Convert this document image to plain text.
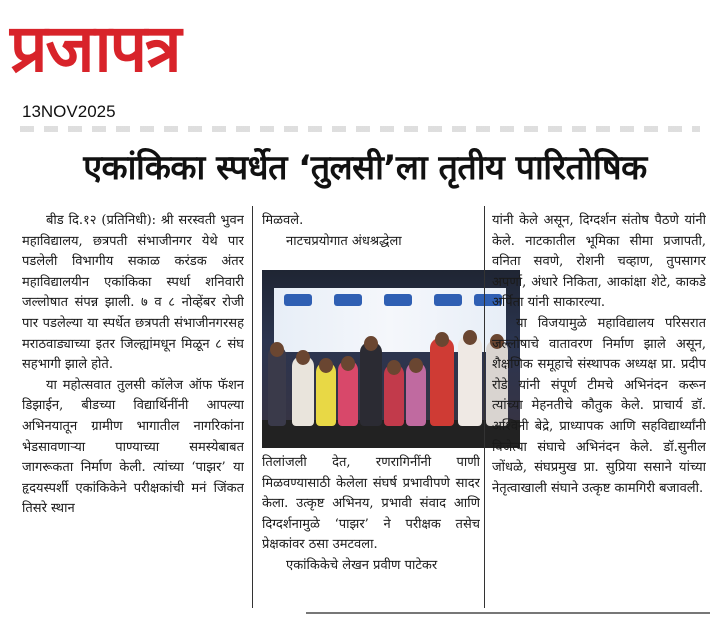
प्रजापत्र
13NOV2025
एकांकिका स्पर्धेत ‘तुलसी’ला तृतीय पारितोषिक

बीड दि.१२ (प्रतिनिधी): श्री सरस्वती भुवन महाविद्यालय, छत्रपती संभाजीनगर येथे पार पडलेली विभागीय सकाळ करंडक अंतर महाविद्यालयीन एकांकिका स्पर्धा शनिवारी जल्लोषात संपन्न झाली. ७ व ८ नोव्हेंबर रोजी पार पडलेल्या या स्पर्धेत छत्रपती संभाजीनगरसह मराठवाड्याच्या इतर जिल्ह्यांमधून मिळून ८ संघ सहभागी झाले होते.

या महोत्सवात तुलसी कॉलेज ऑफ फॅशन डिझाईन, बीडच्या विद्यार्थिनींनी आपल्या अभिनयातून ग्रामीण भागातील नागरिकांना भेडसावणाऱ्या पाण्याच्या समस्येबाबत जागरूकता निर्माण केली. त्यांच्या ‘पाझर’ या हृदयस्पर्शी एकांकिकेने परीक्षकांची मनं जिंकत तिसरे स्थान

मिळवले.

नाटचप्रयोगात अंधश्रद्धेला

तिलांजली देत, रणरागिनींनी पाणी मिळवण्यासाठी केलेला संघर्ष प्रभावीपणे सादर केला. उत्कृष्ट अभिनय, प्रभावी संवाद आणि दिग्दर्शनामुळे ‘पाझर’ ने परीक्षक तसेच प्रेक्षकांवर ठसा उमटवला.

एकांकिकेचे लेखन प्रवीण पाटेकर

यांनी केले असून, दिग्दर्शन संतोष पैठणे यांनी केले. नाटकातील भूमिका सीमा प्रजापती, वनिता सवणे, रोशनी चव्हाण, तुपसागर अपर्णा, अंधारे निकिता, आकांक्षा शेटे, काकडे अर्पिता यांनी साकारल्या.

या विजयामुळे महाविद्यालय परिसरात जल्लोषाचे वातावरण निर्माण झाले असून, शैक्षणिक समूहाचे संस्थापक अध्यक्ष प्रा. प्रदीप रोडे यांनी संपूर्ण टीमचे अभिनंदन करून त्यांच्या मेहनतीचे कौतुक केले. प्राचार्य डॉ. अश्विनी बेद्रे, प्राध्यापक आणि सहविद्यार्थ्यांनी विजेत्या संघाचे अभिनंदन केले. डॉ.सुनील जोंधळे, संघप्रमुख प्रा. सुप्रिया ससाने यांच्या नेतृत्वाखाली संघाने उत्कृष्ट कामगिरी बजावली.
